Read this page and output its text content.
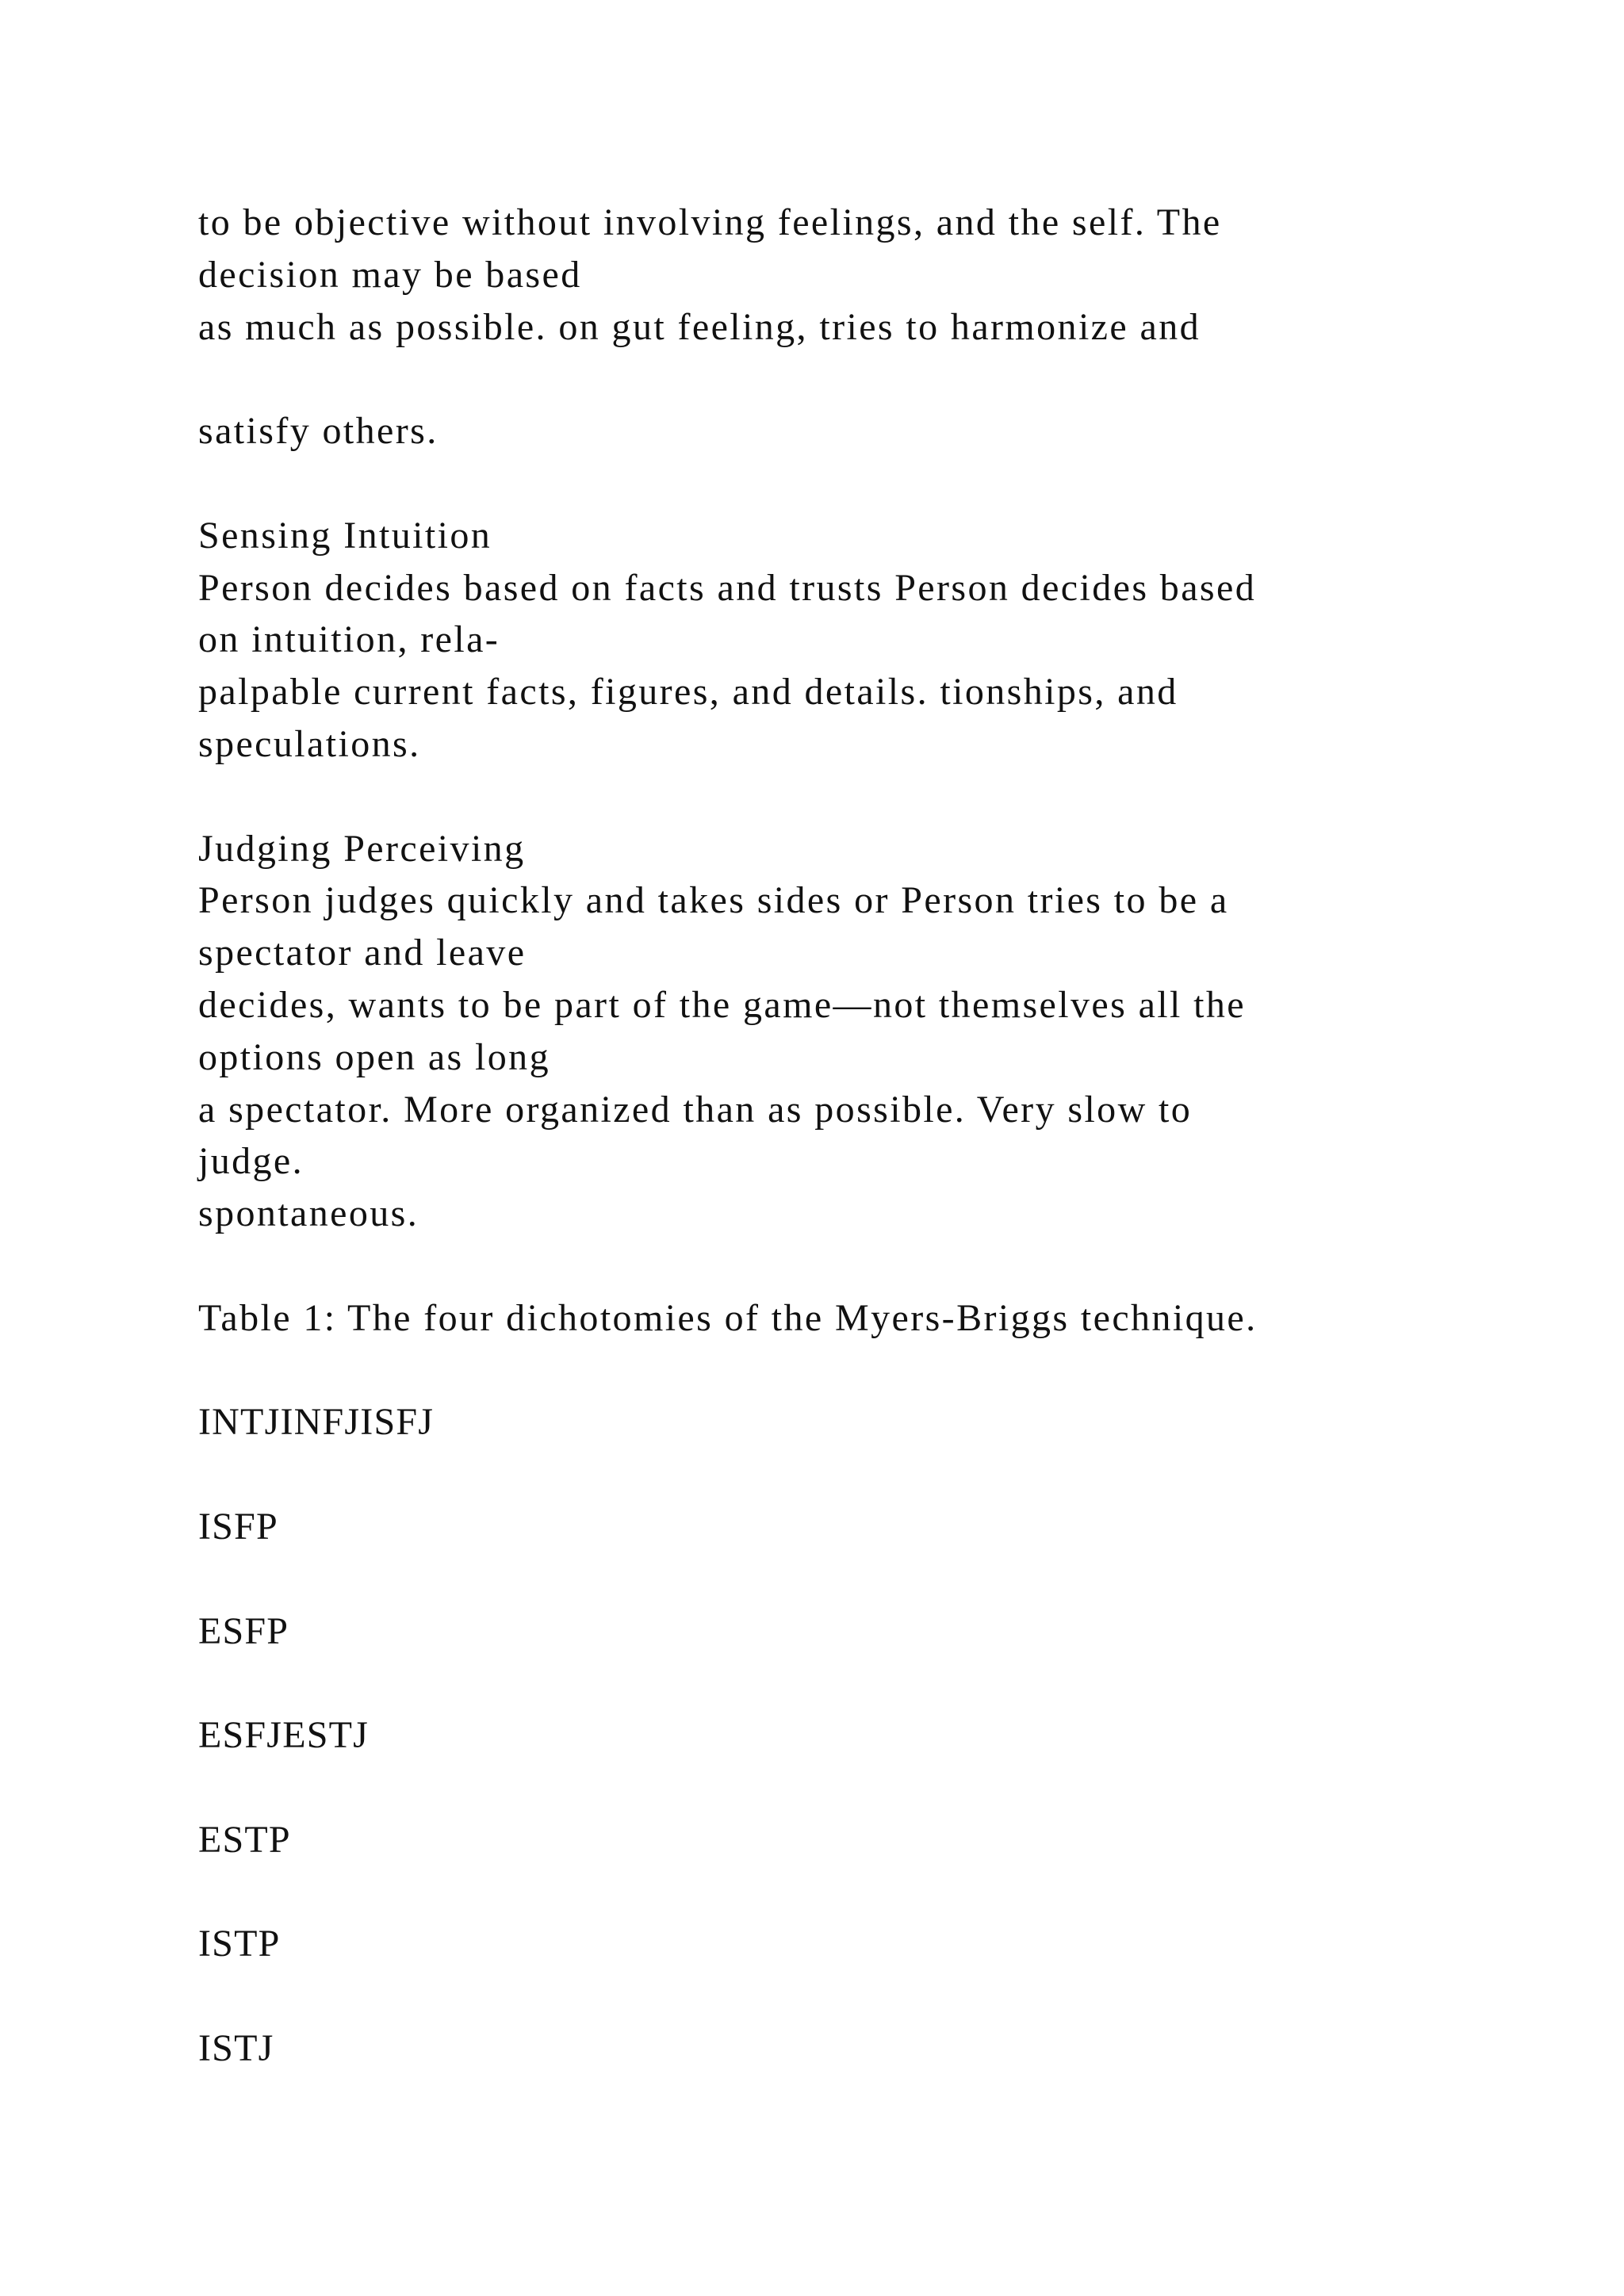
to be objective without involving feelings, and the self. The
decision may be based
as much as possible. on gut feeling, tries to harmonize and
satisfy others.
Sensing Intuition
Person decides based on facts and trusts Person decides based
on intuition, rela-
palpable current facts, figures, and details. tionships, and
speculations.
Judging Perceiving
Person judges quickly and takes sides or Person tries to be a
spectator and leave
decides, wants to be part of the game—not themselves all the
options open as long
a spectator. More organized than as possible. Very slow to
judge.
spontaneous.
Table 1: The four dichotomies of the Myers-Briggs technique.
INTJINFJISFJ
ISFP
ESFP
ESFJESTJ
ESTP
ISTP
ISTJ
